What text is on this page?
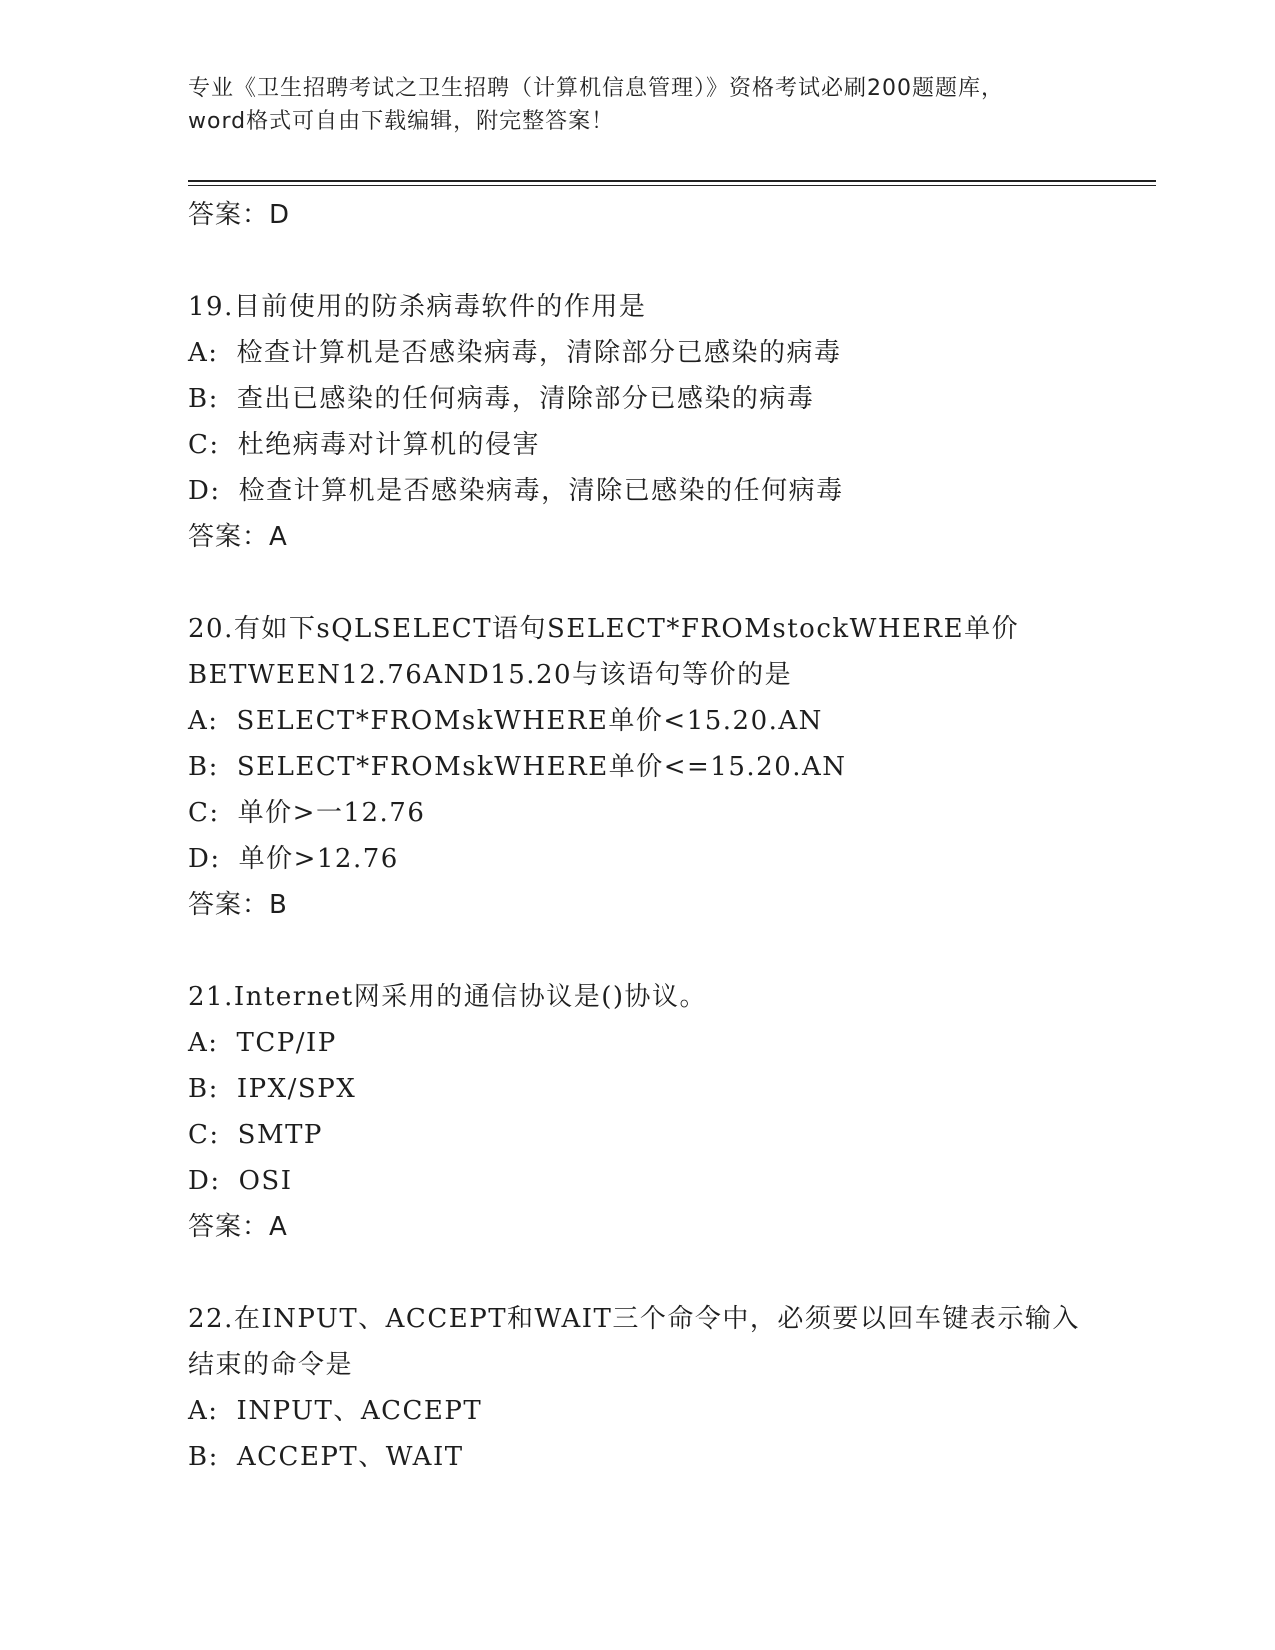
专业《卫生招聘考试之卫生招聘（计算机信息管理）》资格考试必刷200题题库，
word格式可自由下载编辑，附完整答案！
答案：D
19.目前使用的防杀病毒软件的作用是
A: 检查计算机是否感染病毒，清除部分已感染的病毒
B: 查出已感染的任何病毒，清除部分已感染的病毒
C: 杜绝病毒对计算机的侵害
D: 检查计算机是否感染病毒，清除已感染的任何病毒
答案：A
20.有如下sQLSELECT语句SELECT*FROMstockWHERE单价
BETWEEN12.76AND15.20与该语句等价的是
A: SELECT*FROMskWHERE单价<15.20.AN
B: SELECT*FROMskWHERE单价<=15.20.AN
C: 单价>一12.76
D: 单价>12.76
答案：B
21.Internet网采用的通信协议是()协议。
A: TCP/IP
B: IPX/SPX
C: SMTP
D: OSI
答案：A
22.在INPUT、ACCEPT和WAIT三个命令中，必须要以回车键表示输入
结束的命令是
A: INPUT、ACCEPT
B: ACCEPT、WAIT
